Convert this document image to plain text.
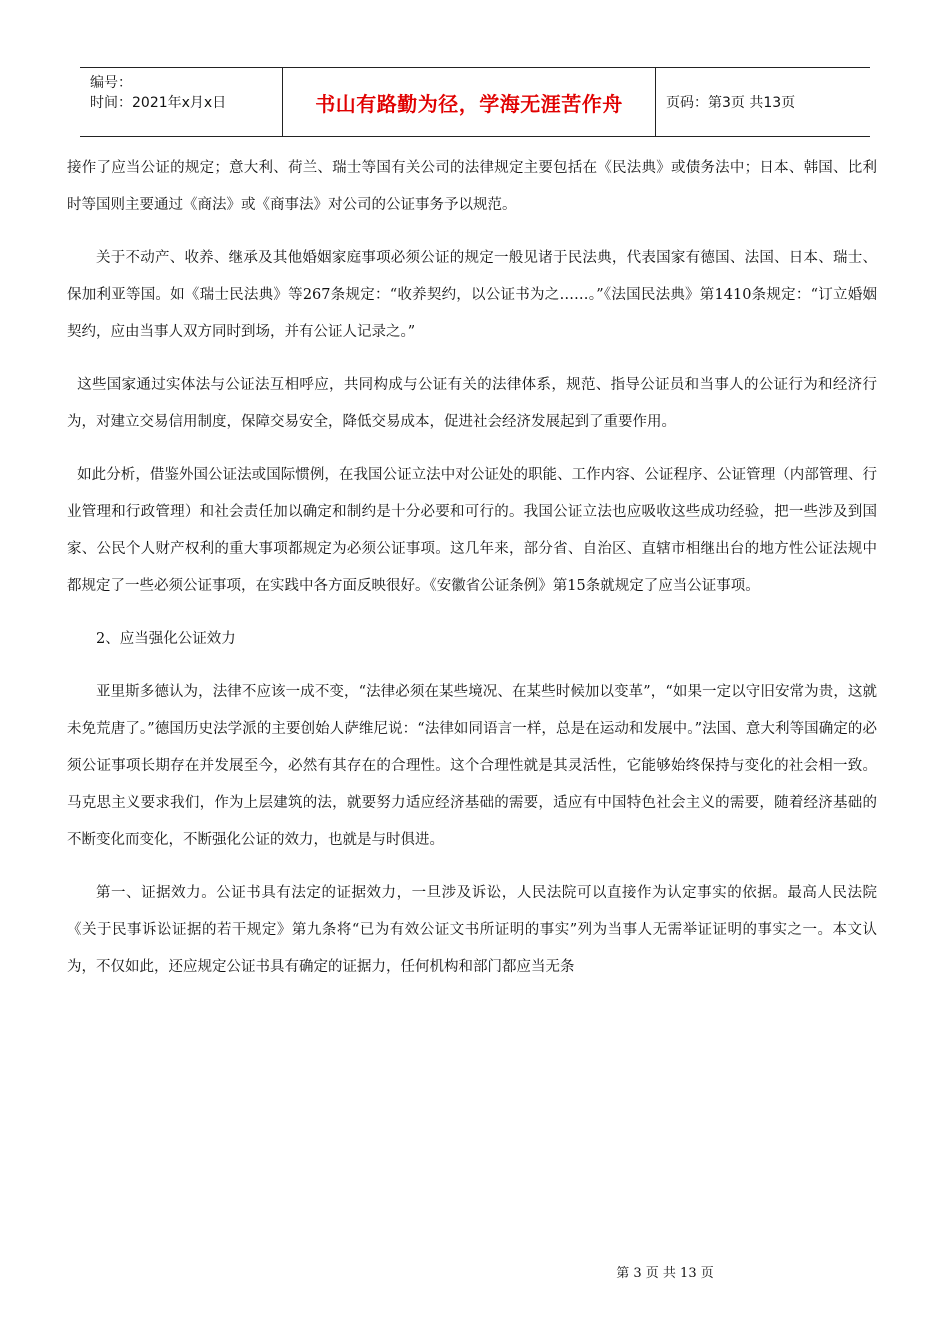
编号：
时间：2021年x月x日	书山有路勤为径，学海无涯苦作舟	页码：第3页 共13页

接作了应当公证的规定；意大利、荷兰、瑞士等国有关公司的法律规定主要包括在《民法典》或债务法中；日本、韩国、比利时等国则主要通过《商法》或《商事法》对公司的公证事务予以规范。

关于不动产、收养、继承及其他婚姻家庭事项必须公证的规定一般见诸于民法典，代表国家有德国、法国、日本、瑞士、保加利亚等国。如《瑞士民法典》等267条规定：“收养契约，以公证书为之……。”《法国民法典》第1410条规定：“订立婚姻契约，应由当事人双方同时到场，并有公证人记录之。”

这些国家通过实体法与公证法互相呼应，共同构成与公证有关的法律体系，规范、指导公证员和当事人的公证行为和经济行为，对建立交易信用制度，保障交易安全，降低交易成本，促进社会经济发展起到了重要作用。

如此分析，借鉴外国公证法或国际惯例，在我国公证立法中对公证处的职能、工作内容、公证程序、公证管理（内部管理、行业管理和行政管理）和社会责任加以确定和制约是十分必要和可行的。我国公证立法也应吸收这些成功经验，把一些涉及到国家、公民个人财产权利的重大事项都规定为必须公证事项。这几年来，部分省、自治区、直辖市相继出台的地方性公证法规中都规定了一些必须公证事项，在实践中各方面反映很好。《安徽省公证条例》第15条就规定了应当公证事项。

2、应当强化公证效力

亚里斯多德认为，法律不应该一成不变，“法律必须在某些境况、在某些时候加以变革”，“如果一定以守旧安常为贵，这就未免荒唐了。”德国历史法学派的主要创始人萨维尼说：“法律如同语言一样，总是在运动和发展中。”法国、意大利等国确定的必须公证事项长期存在并发展至今，必然有其存在的合理性。这个合理性就是其灵活性，它能够始终保持与变化的社会相一致。马克思主义要求我们，作为上层建筑的法，就要努力适应经济基础的需要，适应有中国特色社会主义的需要，随着经济基础的不断变化而变化，不断强化公证的效力，也就是与时俱进。

第一、证据效力。公证书具有法定的证据效力，一旦涉及诉讼，人民法院可以直接作为认定事实的依据。最高人民法院《关于民事诉讼证据的若干规定》第九条将“已为有效公证文书所证明的事实”列为当事人无需举证证明的事实之一。本文认为，不仅如此，还应规定公证书具有确定的证据力，任何机构和部门都应当无条

第 3 页 共 13 页
